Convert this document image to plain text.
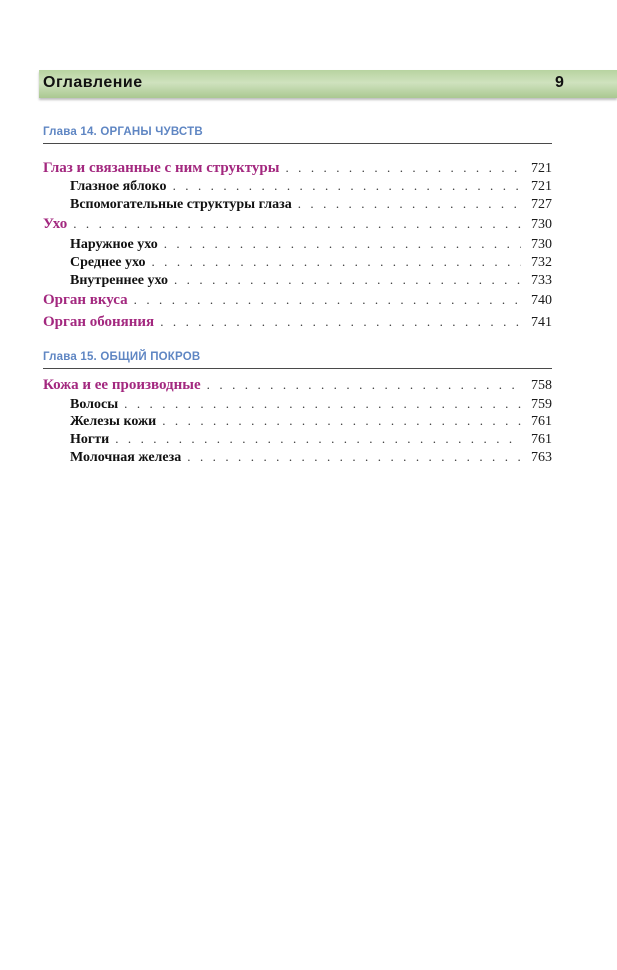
Оглавление	9
Глава 14. ОРГАНЫ ЧУВСТВ
Глаз и связанные с ним структуры . . .	721
Глазное яблоко . . .	721
Вспомогательные структуры глаза . . .	727
Ухо . . .	730
Наружное ухо . . .	730
Среднее ухо . . .	732
Внутреннее ухо . . .	733
Орган вкуса . . .	740
Орган обоняния . . .	741
Глава 15. ОБЩИЙ ПОКРОВ
Кожа и ее производные . . .	758
Волосы . . .	759
Железы кожи . . .	761
Ногти . . .	761
Молочная железа . . .	763
